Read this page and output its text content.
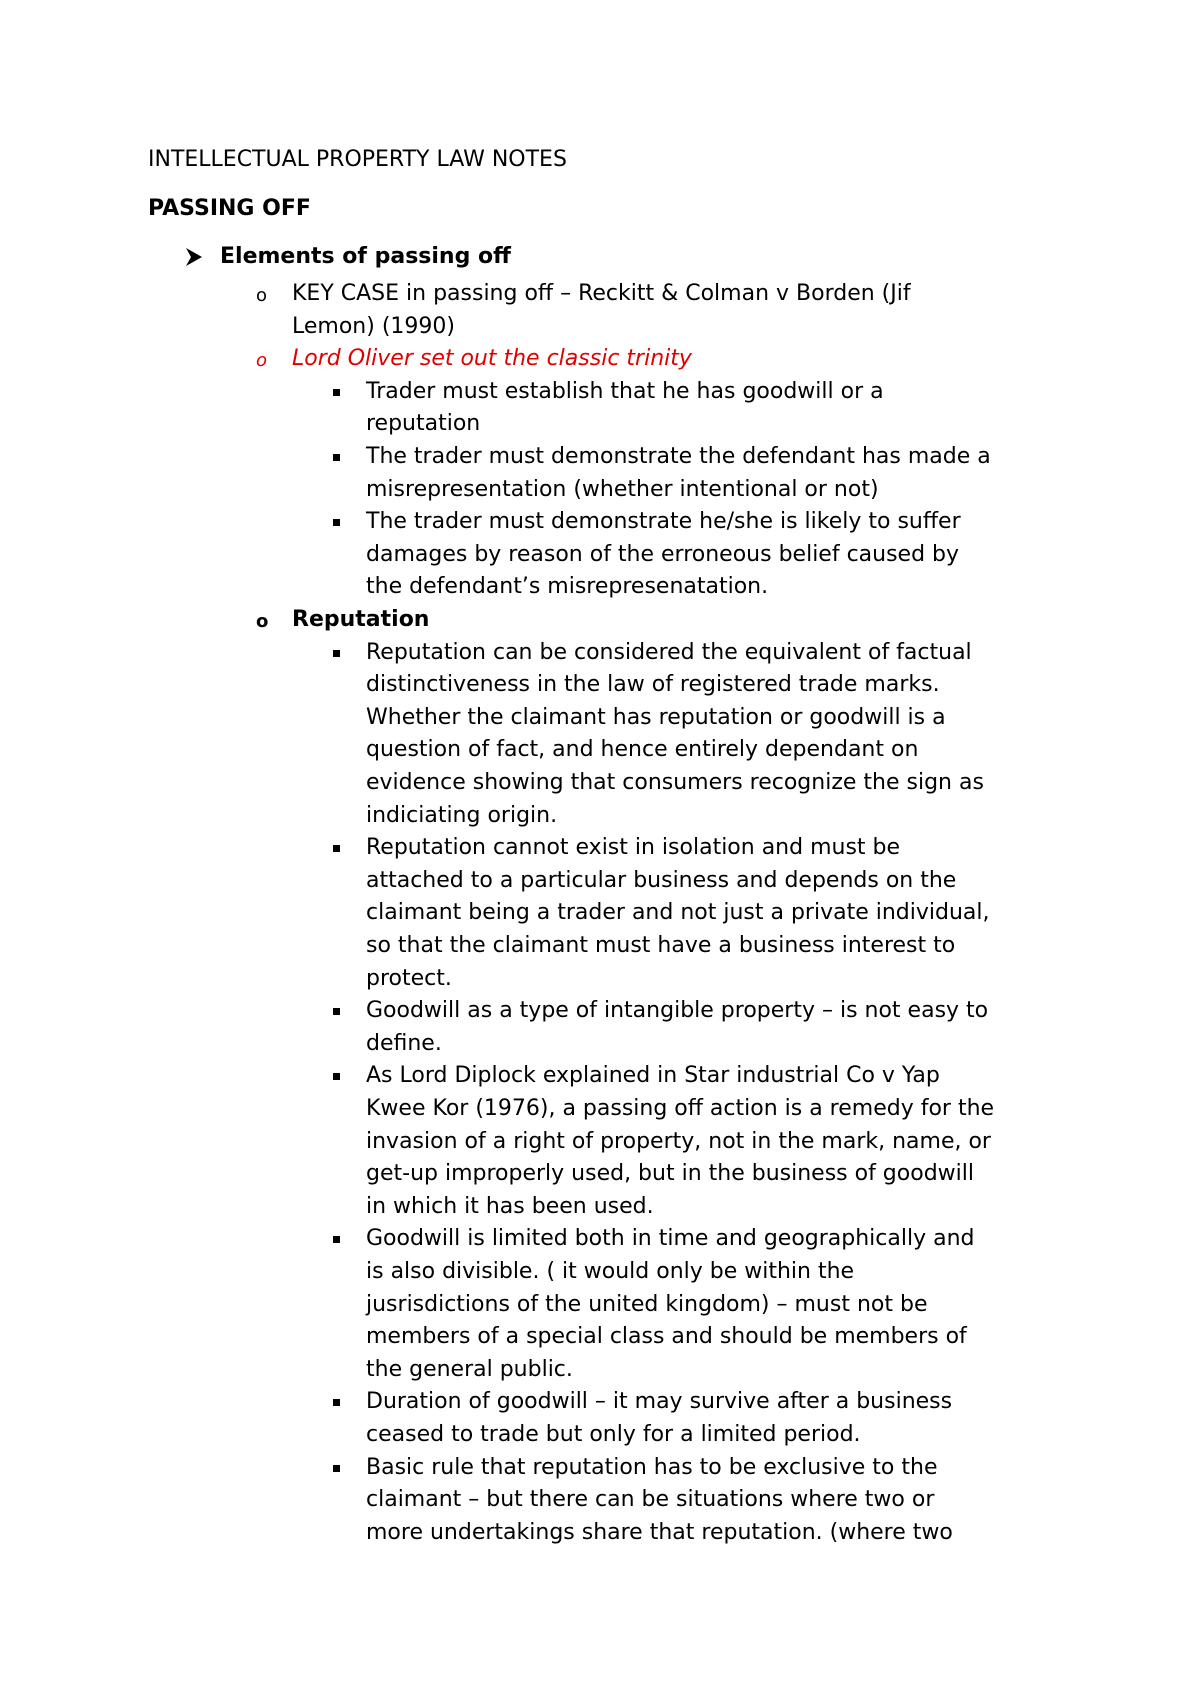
INTELLECTUAL PROPERTY LAW NOTES
PASSING OFF
Elements of passing off
o KEY CASE in passing off – Reckitt & Colman v Borden (Jif
Lemon) (1990)
o Lord Oliver set out the classic trinity
Trader must establish that he has goodwill or a
reputation
The trader must demonstrate the defendant has made a
misrepresentation (whether intentional or not)
The trader must demonstrate he/she is likely to suffer
damages by reason of the erroneous belief caused by
the defendant’s misrepresenatation.
o Reputation
Reputation can be considered the equivalent of factual
distinctiveness in the law of registered trade marks.
Whether the claimant has reputation or goodwill is a
question of fact, and hence entirely dependant on
evidence showing that consumers recognize the sign as
indiciating origin.
Reputation cannot exist in isolation and must be
attached to a particular business and depends on the
claimant being a trader and not just a private individual,
so that the claimant must have a business interest to
protect.
Goodwill as a type of intangible property – is not easy to
define.
As Lord Diplock explained in Star industrial Co v Yap
Kwee Kor (1976), a passing off action is a remedy for the
invasion of a right of property, not in the mark, name, or
get-up improperly used, but in the business of goodwill
in which it has been used.
Goodwill is limited both in time and geographically and
is also divisible. ( it would only be within the
jusrisdictions of the united kingdom) – must not be
members of a special class and should be members of
the general public.
Duration of goodwill – it may survive after a business
ceased to trade but only for a limited period.
Basic rule that reputation has to be exclusive to the
claimant – but there can be situations where two or
more undertakings share that reputation. (where two
